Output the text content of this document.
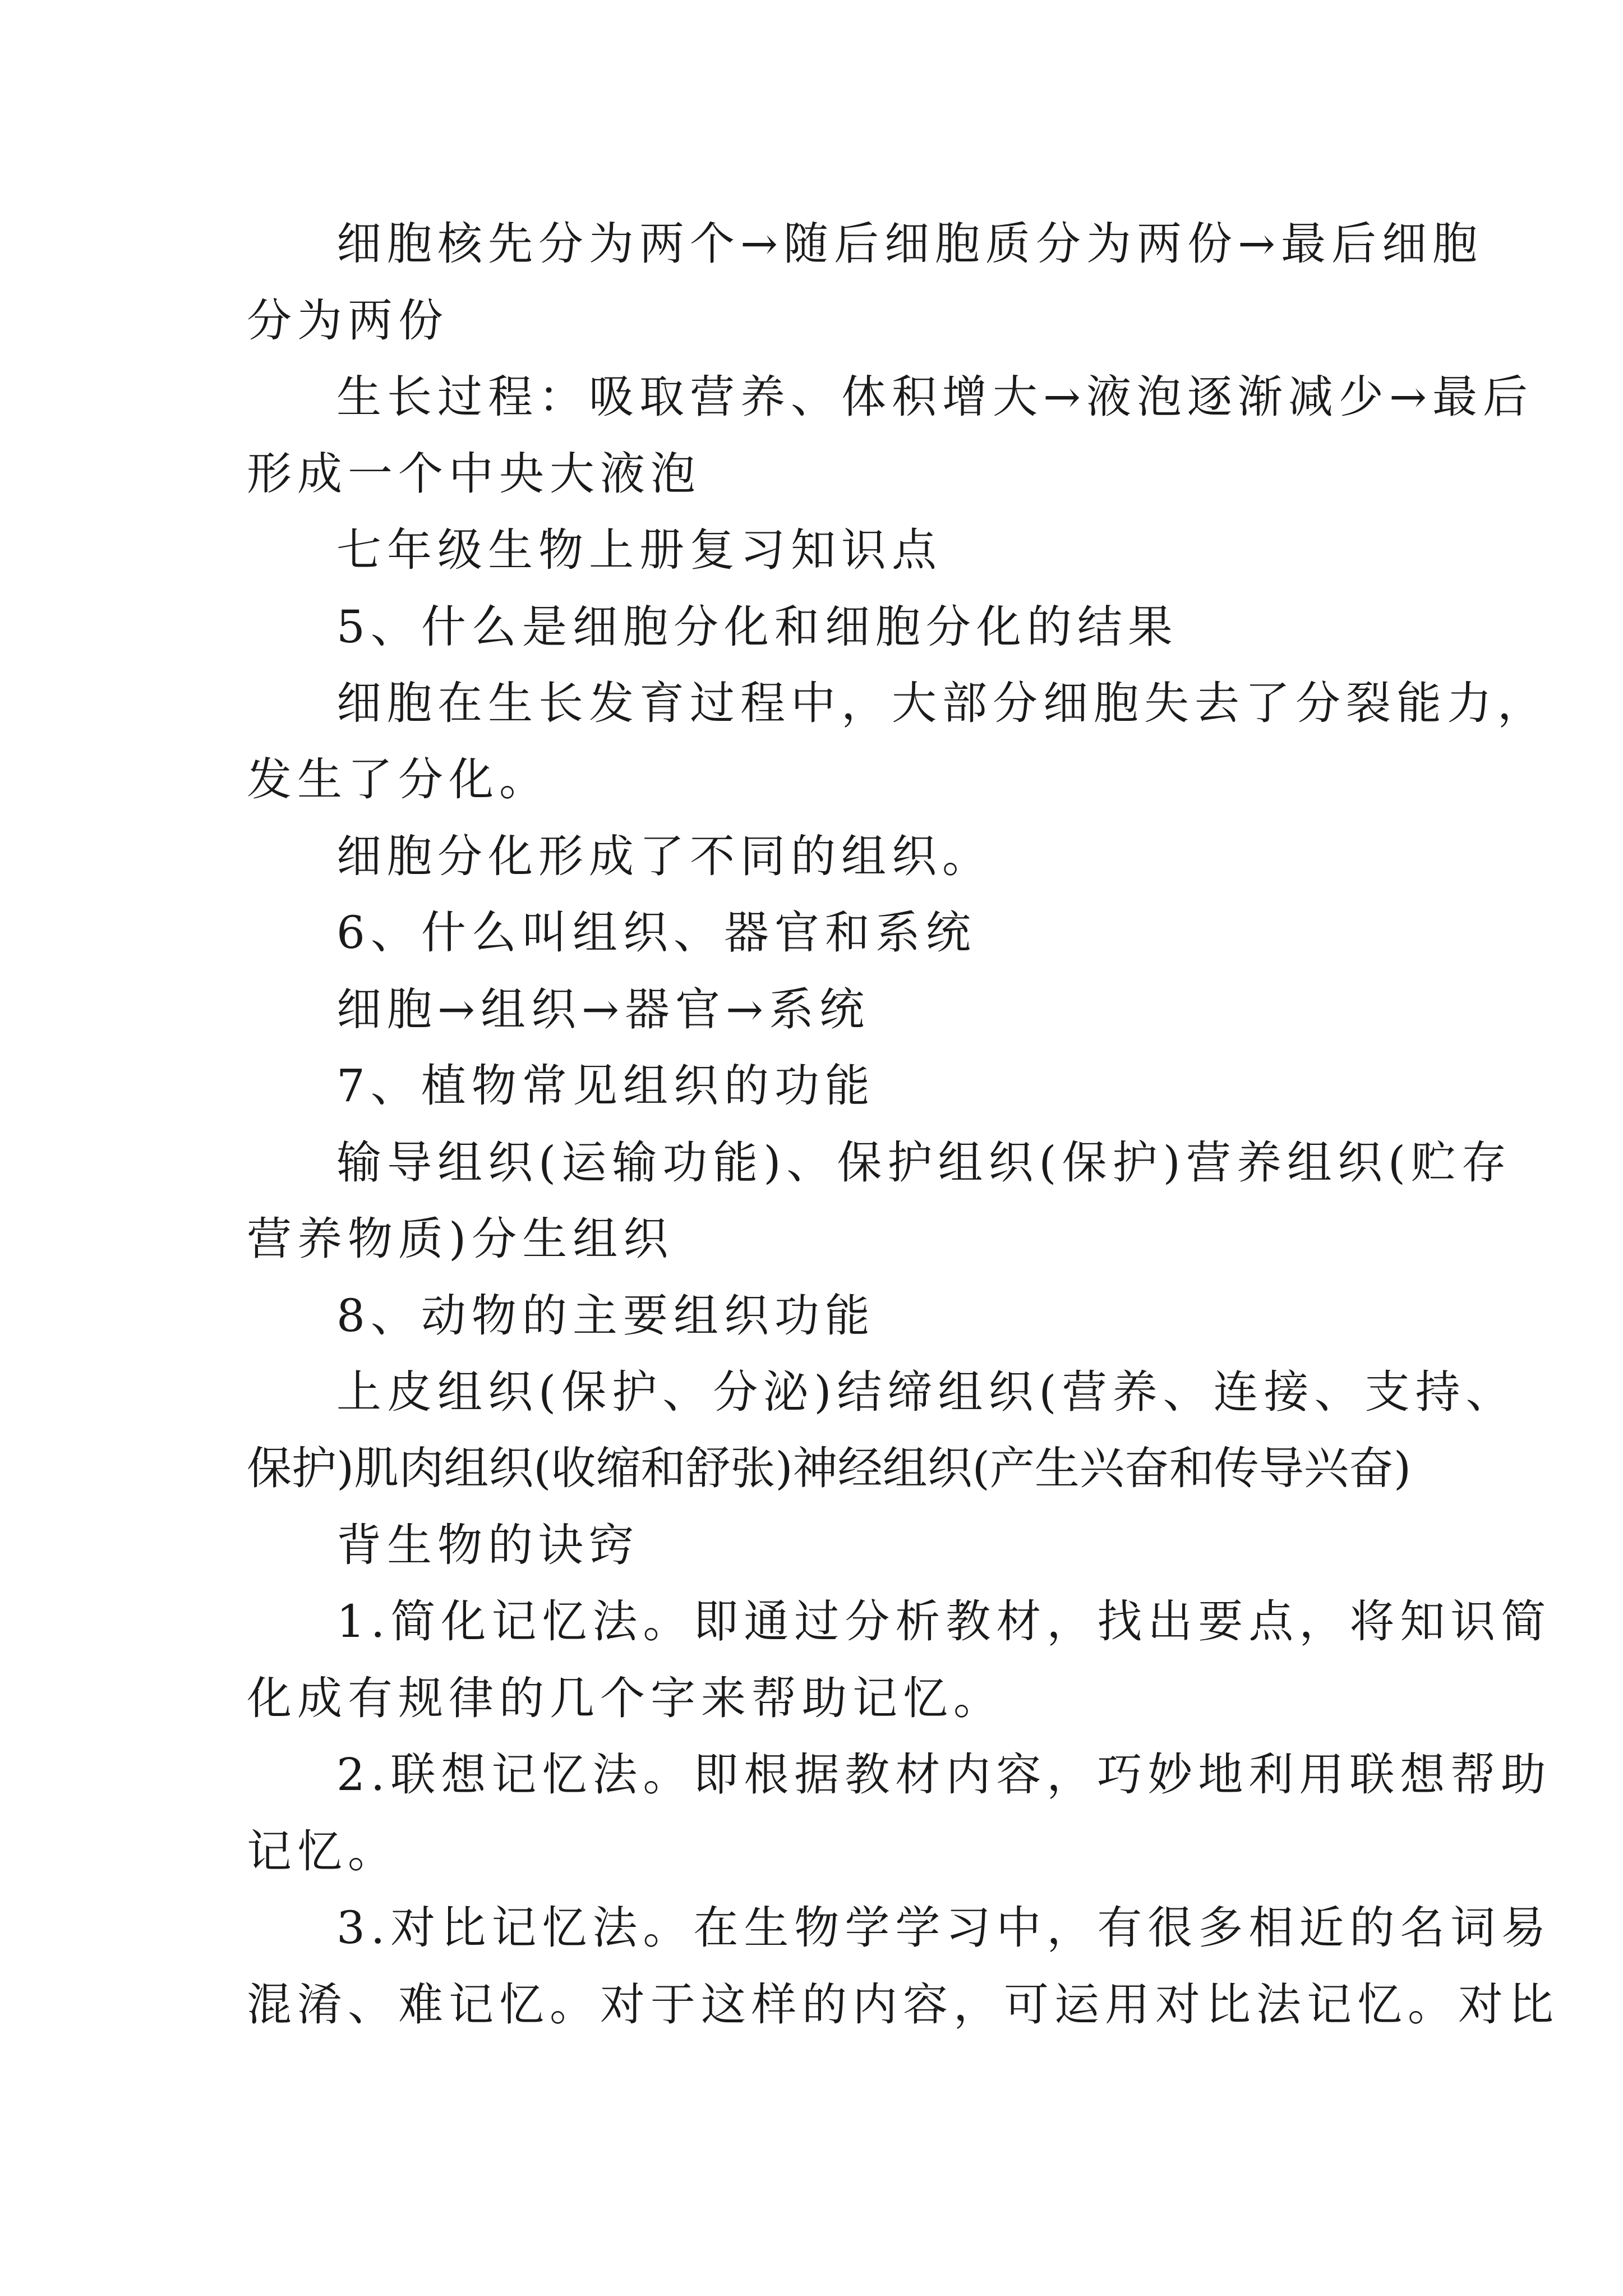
细胞核先分为两个→随后细胞质分为两份→最后细胞
分为两份
生长过程：吸取营养、体积增大→液泡逐渐减少→最后
形成一个中央大液泡
七年级生物上册复习知识点
5、什么是细胞分化和细胞分化的结果
细胞在生长发育过程中，大部分细胞失去了分裂能力，
发生了分化。
细胞分化形成了不同的组织。
6、什么叫组织、器官和系统
细胞→组织→器官→系统
7、植物常见组织的功能
输导组织(运输功能)、保护组织(保护)营养组织(贮存
营养物质)分生组织
8、动物的主要组织功能
上皮组织(保护、分泌)结缔组织(营养、连接、支持、
保护)肌肉组织(收缩和舒张)神经组织(产生兴奋和传导兴奋)
背生物的诀窍
1.简化记忆法。即通过分析教材，找出要点，将知识简
化成有规律的几个字来帮助记忆。
2.联想记忆法。即根据教材内容，巧妙地利用联想帮助
记忆。
3.对比记忆法。在生物学学习中，有很多相近的名词易
混淆、难记忆。对于这样的内容，可运用对比法记忆。对比
